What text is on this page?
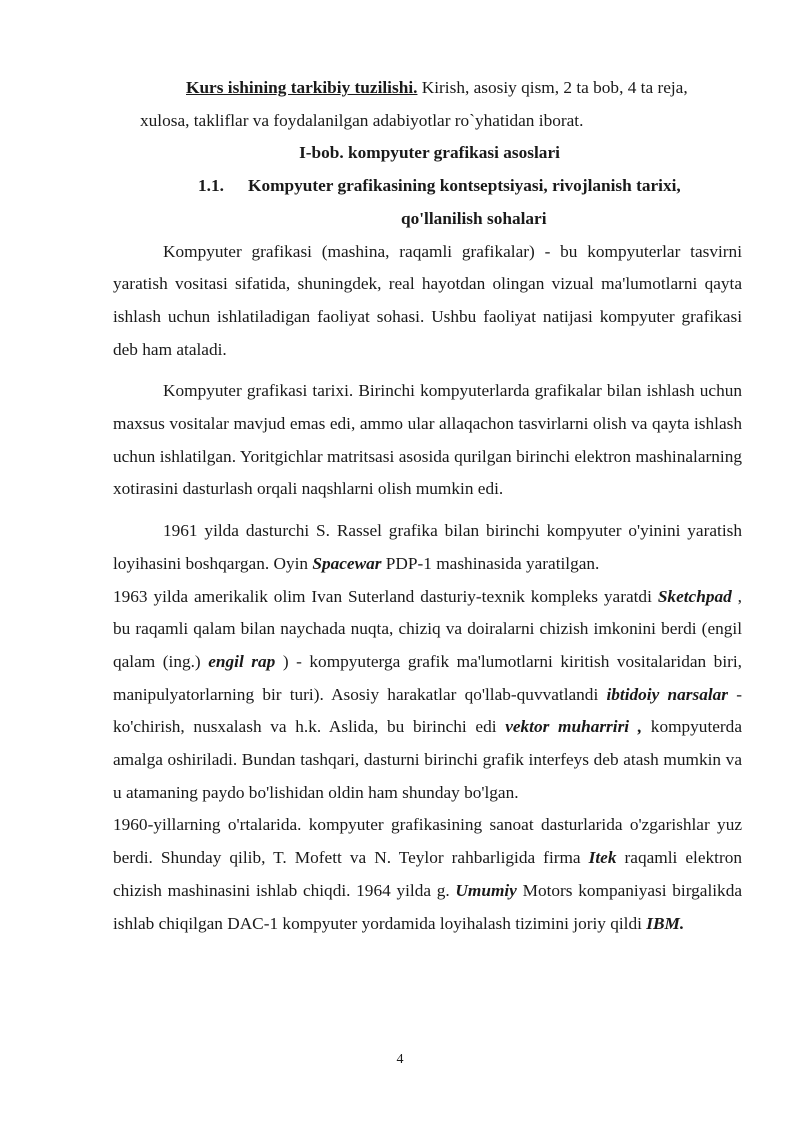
Kurs ishining tarkibiy tuzilishi. Kirish, asosiy qism, 2 ta bob, 4 ta reja,

xulosa, takliflar va foydalanilgan adabiyotlar ro`yhatidan iborat.

I-bob. kompyuter grafikasi asoslari

1.1. Kompyuter grafikasining kontseptsiyasi, rivojlanish tarixi,

qo'llanilish sohalari

Kompyuter grafikasi (mashina, raqamli grafikalar) - bu kompyuterlar tasvirni yaratish vositasi sifatida, shuningdek, real hayotdan olingan vizual ma'lumotlarni qayta ishlash uchun ishlatiladigan faoliyat sohasi. Ushbu faoliyat natijasi kompyuter grafikasi deb ham ataladi.

Kompyuter grafikasi tarixi. Birinchi kompyuterlarda grafikalar bilan ishlash uchun maxsus vositalar mavjud emas edi, ammo ular allaqachon tasvirlarni olish va qayta ishlash uchun ishlatilgan. Yoritgichlar matritsasi asosida qurilgan birinchi elektron mashinalarning xotirasini dasturlash orqali naqshlarni olish mumkin edi.

1961 yilda dasturchi S. Rassel grafika bilan birinchi kompyuter o'yinini yaratish loyihasini boshqargan. Oyin Spacewar PDP-1 mashinasida yaratilgan.

1963 yilda amerikalik olim Ivan Suterland dasturiy-texnik kompleks yaratdi Sketchpad , bu raqamli qalam bilan naychada nuqta, chiziq va doiralarni chizish imkonini berdi (engil qalam (ing.) engil rap ) - kompyuterga grafik ma'lumotlarni kiritish vositalaridan biri, manipulyatorlarning bir turi). Asosiy harakatlar qo'llab-quvvatlandi ibtidoiy narsalar - ko'chirish, nusxalash va h.k. Aslida, bu birinchi edi vektor muharriri , kompyuterda amalga oshiriladi. Bundan tashqari, dasturni birinchi grafik interfeys deb atash mumkin va u atamaning paydo bo'lishidan oldin ham shunday bo'lgan.

1960-yillarning o'rtalarida. kompyuter grafikasining sanoat dasturlarida o'zgarishlar yuz berdi. Shunday qilib, T. Mofett va N. Teylor rahbarligida firma Itek raqamli elektron chizish mashinasini ishlab chiqdi. 1964 yilda g. Umumiy Motors kompaniyasi birgalikda ishlab chiqilgan DAC-1 kompyuter yordamida loyihalash tizimini joriy qildi IBM.

4
